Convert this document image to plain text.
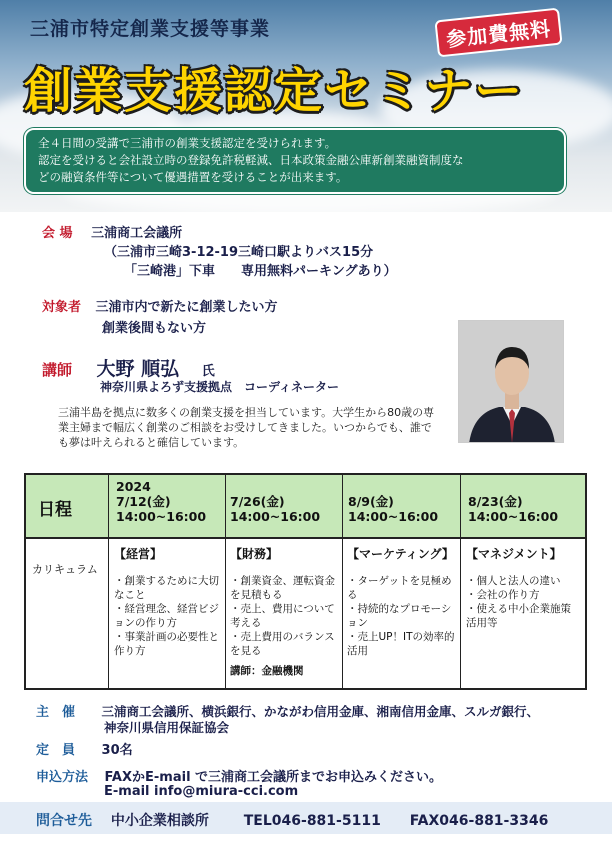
三浦市特定創業支援等事業	参加費無料
創業支援認定セミナー
全４日間の受講で三浦市の創業支援認定を受けられます。
認定を受けると会社設立時の登録免許税軽減、日本政策金融公庫新創業融資制度な
どの融資条件等について優遇措置を受けることが出来ます。
会 場 三浦商工会議所
（三浦市三崎3-12-19三崎口駅よりバス15分
「三崎港」下車　　専用無料パーキングあり）
対象者 三浦市内で新たに創業したい方
創業後間もない方
講師 大野 順弘 氏
神奈川県よろず支援拠点　コーディネーター
三浦半島を拠点に数多くの創業支援を担当しています。大学生から80歳の専業主婦まで幅広く創業のご相談をお受けしてきました。いつからでも、誰でも夢は叶えられると確信しています。
日程
カリキュラム
2024
7/12(金)
14:00~16:00
【経営】
・創業するために大切なこと
・経営理念、経営ビジョンの作り方
・事業計画の必要性と作り方
7/26(金)
14:00~16:00
【財務】
・創業資金、運転資金を見積もる
・売上、費用について考える
・売上費用のバランスを見る
講師：金融機関
8/9(金)
14:00~16:00
【マーケティング】
・ターゲットを見極める
・持続的なプロモーション
・売上UP！ITの効率的活用
8/23(金)
14:00~16:00
【マネジメント】
・個人と法人の違い
・会社の作り方
・使える中小企業施策活用等
主　催 三浦商工会議所、横浜銀行、かながわ信用金庫、湘南信用金庫、スルガ銀行、
神奈川県信用保証協会
定　員 30名
申込方法 FAXかE-mail で三浦商工会議所までお申込みください。
E-mail info@miura-cci.com
問合せ先 中小企業相談所 TEL046-881-5111 FAX046-881-3346
